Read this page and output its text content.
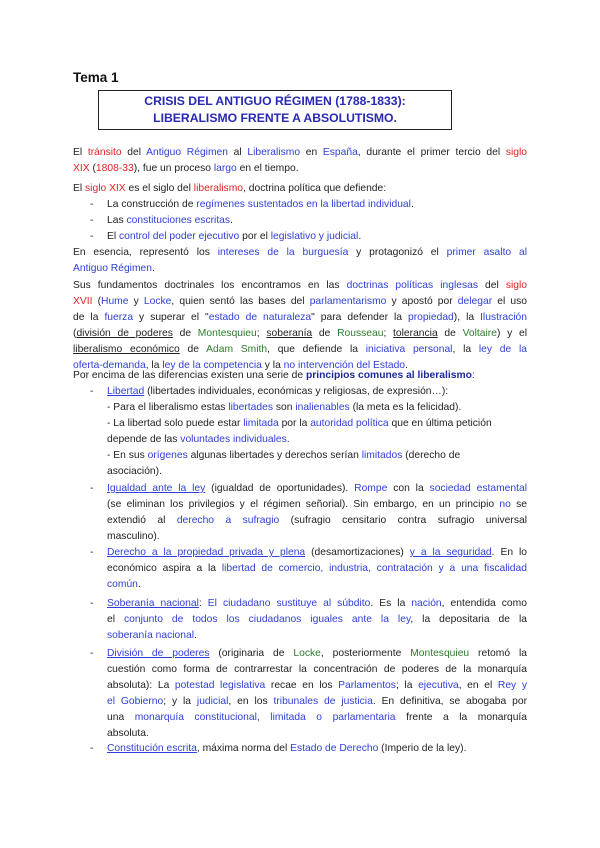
Tema 1
CRISIS DEL ANTIGUO RÉGIMEN (1788-1833):
LIBERALISMO FRENTE A ABSOLUTISMO.
El tránsito del Antiguo Régimen al Liberalismo en España, durante el primer tercio del siglo
XIX (1808-33), fue un proceso largo en el tiempo.
El siglo XIX es el siglo del liberalismo, doctrina política que defiende:
- La construcción de regímenes sustentados en la libertad individual.
- Las constituciones escritas.
- El control del poder ejecutivo por el legislativo y judicial.
En esencia, representó los intereses de la burguesía y protagonizó el primer asalto al
Antiguo Régimen.
Sus fundamentos doctrinales los encontramos en las doctrinas políticas inglesas del siglo
XVII (Hume y Locke, quien sentó las bases del parlamentarismo y apostó por delegar el uso
de la fuerza y superar el "estado de naturaleza" para defender la propiedad), la Ilustración
(división de poderes de Montesquieu; soberanía de Rousseau; tolerancia de Voltaire) y el
liberalismo económico de Adam Smith, que defiende la iniciativa personal, la ley de la
oferta-demanda, la ley de la competencia y la no intervención del Estado.
Por encima de las diferencias existen una serie de principios comunes al liberalismo:
- Libertad (libertades individuales, económicas y religiosas, de expresión…):
- Para el liberalismo estas libertades son inalienables (la meta es la felicidad).
- La libertad solo puede estar limitada por la autoridad política que en última petición
depende de las voluntades individuales.
- En sus orígenes algunas libertades y derechos serían limitados (derecho de
asociación).
- Igualdad ante la ley (igualdad de oportunidades). Rompe con la sociedad estamental
(se eliminan los privilegios y el régimen señorial). Sin embargo, en un principio no se
extendió al derecho a sufragio (sufragio censitario contra sufragio universal
masculino).
- Derecho a la propiedad privada y plena (desamortizaciones) y a la seguridad. En lo
económico aspira a la libertad de comercio, industria, contratación y a una fiscalidad
común.
- Soberanía nacional: El ciudadano sustituye al súbdito. Es la nación, entendida como
el conjunto de todos los ciudadanos iguales ante la ley, la depositaria de la
soberanía nacional.
- División de poderes (originaria de Locke, posteriormente Montesquieu retomó la
cuestión como forma de contrarrestar la concentración de poderes de la monarquía
absoluta): La potestad legislativa recae en los Parlamentos; la ejecutiva, en el Rey y
el Gobierno; y la judicial, en los tribunales de justicia. En definitiva, se abogaba por
una monarquía constitucional, limitada o parlamentaria frente a la monarquía
absoluta.
- Constitución escrita, máxima norma del Estado de Derecho (Imperio de la ley).
